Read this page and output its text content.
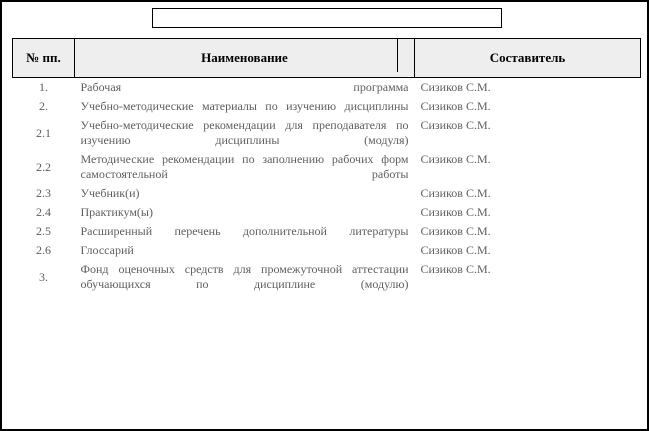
Перечень учебно-методических материалов
№ пп.	Наименование	Составитель
1.	Рабочая программа	Сизиков С.М.
2.	Учебно-методические материалы по изучению дисциплины	Сизиков С.М.
2.1	Учебно-методические рекомендации для преподавателя по изучению дисциплины (модуля)	Сизиков С.М.
2.2	Методические рекомендации по заполнению рабочих форм самостоятельной работы	Сизиков С.М.
2.3	Учебник(и)	Сизиков С.М.
2.4	Практикум(ы)	Сизиков С.М.
2.5	Расширенный перечень дополнительной литературы	Сизиков С.М.
2.6	Глоссарий	Сизиков С.М.
3.	Фонд оценочных средств для промежуточной аттестации обучающихся по дисциплине (модулю)	Сизиков С.М.
